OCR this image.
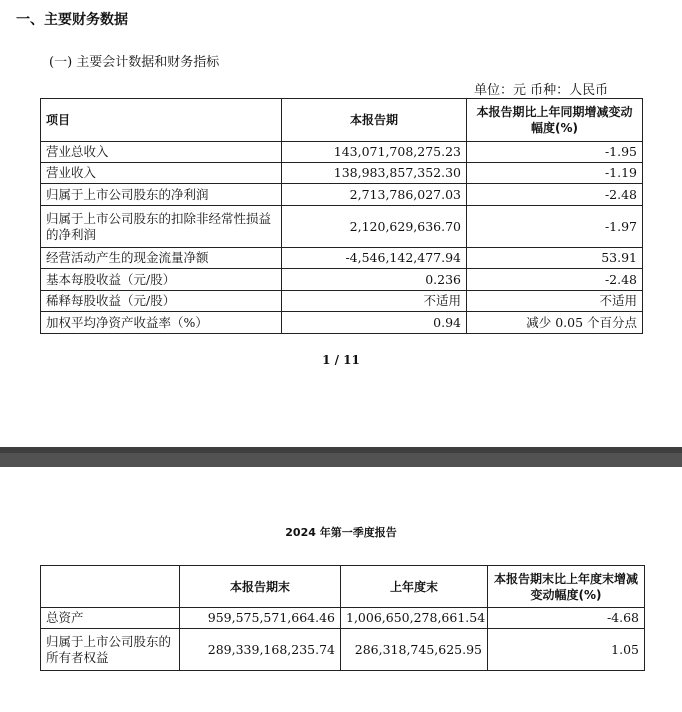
一、主要财务数据
(一) 主要会计数据和财务指标
单位：元 币种：人民币
项目	本报告期	本报告期比上年同期增减变动幅度(%)
营业总收入	143,071,708,275.23	-1.95
营业收入	138,983,857,352.30	-1.19
归属于上市公司股东的净利润	2,713,786,027.03	-2.48
归属于上市公司股东的扣除非经常性损益的净利润	2,120,629,636.70	-1.97
经营活动产生的现金流量净额	-4,546,142,477.94	53.91
基本每股收益（元/股）	0.236	-2.48
稀释每股收益（元/股）	不适用	不适用
加权平均净资产收益率（%）	0.94	减少 0.05 个百分点
1 / 11
2024 年第一季度报告
	本报告期末	上年度末	本报告期末比上年度末增减变动幅度(%)
总资产	959,575,571,664.46	1,006,650,278,661.54	-4.68
归属于上市公司股东的所有者权益	289,339,168,235.74	286,318,745,625.95	1.05
